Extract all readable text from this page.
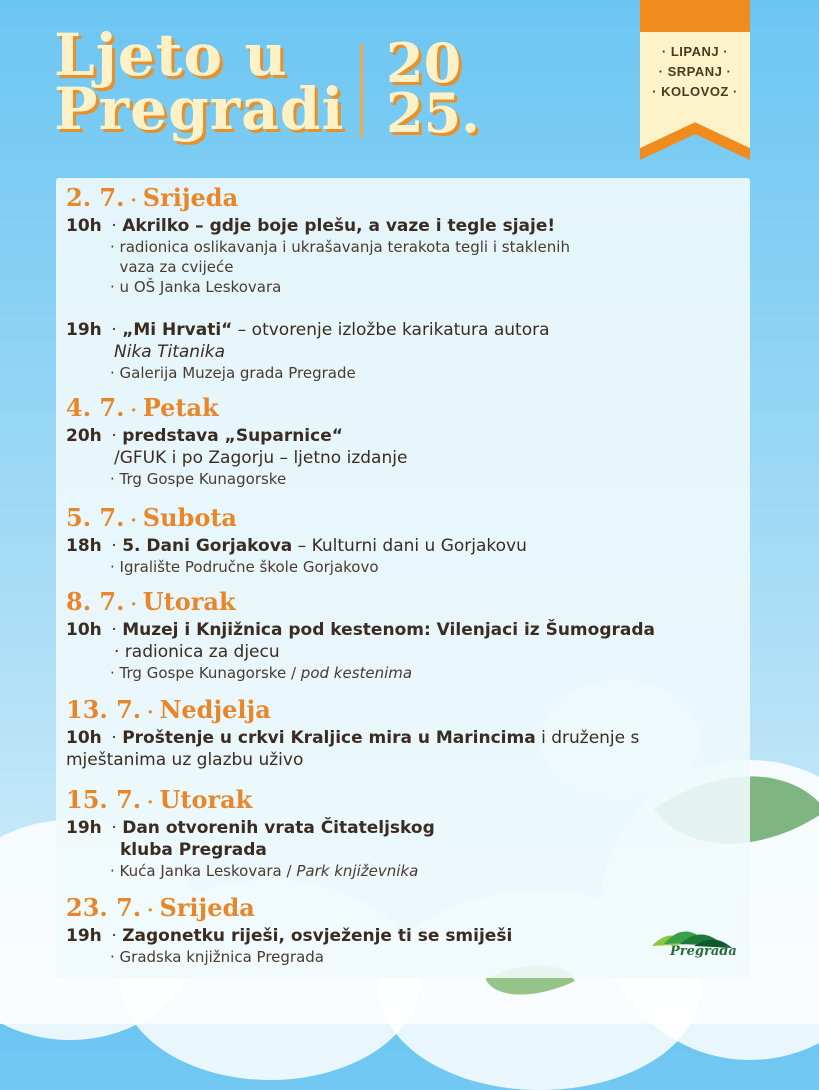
⌒
Ljeto u
Pregradi
20
25.
· LIPANJ ·
· SRPANJ ·
· KOLOVOZ ·
2. 7. · Srijeda
10h · Akrilko – gdje boje plešu, a vaze i tegle sjaje!
· radionica oslikavanja i ukrašavanja terakota tegli i staklenih
vaza za cvijeće
· u OŠ Janka Leskovara
19h · „Mi Hrvati“ – otvorenje izložbe karikatura autora
Nika Titanika
· Galerija Muzeja grada Pregrade
4. 7. · Petak
20h · predstava „Suparnice“
/GFUK i po Zagorju – ljetno izdanje
· Trg Gospe Kunagorske
5. 7. · Subota
18h · 5. Dani Gorjakova – Kulturni dani u Gorjakovu
· Igralište Područne škole Gorjakovo
8. 7. · Utorak
10h · Muzej i Knjižnica pod kestenom: Vilenjaci iz Šumograda
· radionica za djecu
· Trg Gospe Kunagorske / pod kestenima
13. 7. · Nedjelja
10h · Proštenje u crkvi Kraljice mira u Marincima i druženje s
mještanima uz glazbu uživo
15. 7. · Utorak
19h · Dan otvorenih vrata Čitateljskog
kluba Pregrada
· Kuća Janka Leskovara / Park književnika
23. 7. · Srijeda
19h · Zagonetku riješi, osvježenje ti se smiješi
· Gradska knjižnica Pregrada	Pregrada
